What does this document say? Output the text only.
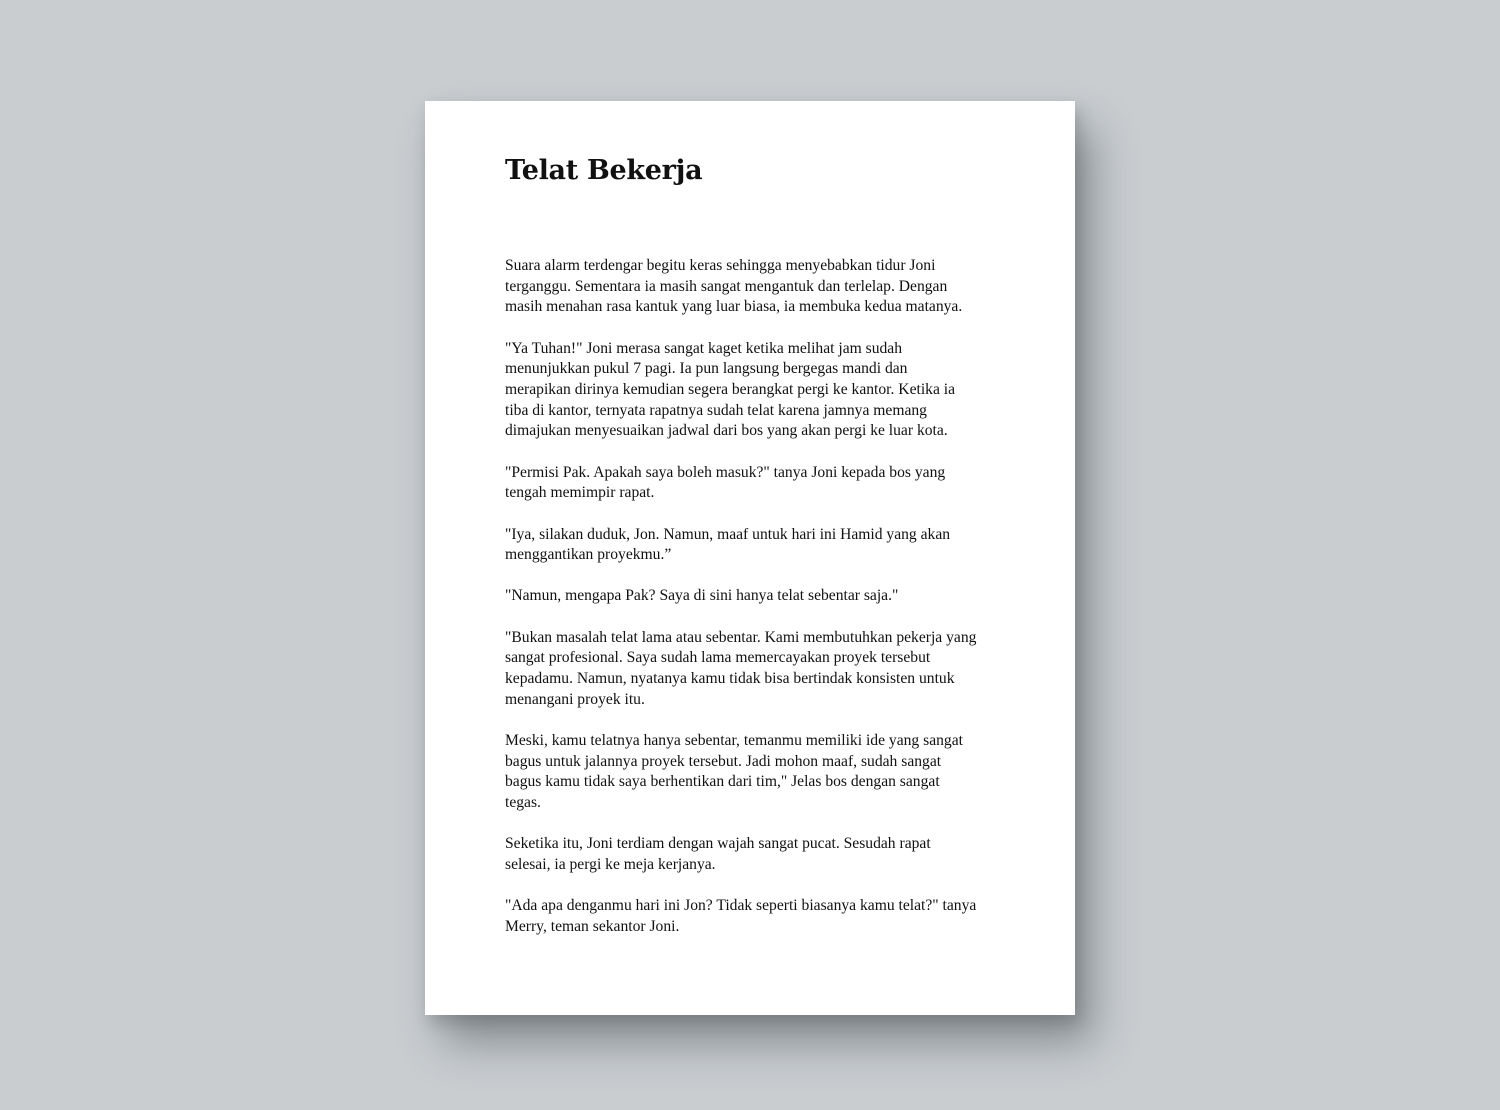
Telat Bekerja

Suara alarm terdengar begitu keras sehingga menyebabkan tidur Joni
terganggu. Sementara ia masih sangat mengantuk dan terlelap. Dengan
masih menahan rasa kantuk yang luar biasa, ia membuka kedua matanya.

"Ya Tuhan!" Joni merasa sangat kaget ketika melihat jam sudah
menunjukkan pukul 7 pagi. Ia pun langsung bergegas mandi dan
merapikan dirinya kemudian segera berangkat pergi ke kantor. Ketika ia
tiba di kantor, ternyata rapatnya sudah telat karena jamnya memang
dimajukan menyesuaikan jadwal dari bos yang akan pergi ke luar kota.

"Permisi Pak. Apakah saya boleh masuk?" tanya Joni kepada bos yang
tengah memimpir rapat.

"Iya, silakan duduk, Jon. Namun, maaf untuk hari ini Hamid yang akan
menggantikan proyekmu.”

"Namun, mengapa Pak? Saya di sini hanya telat sebentar saja."

"Bukan masalah telat lama atau sebentar. Kami membutuhkan pekerja yang
sangat profesional. Saya sudah lama memercayakan proyek tersebut
kepadamu. Namun, nyatanya kamu tidak bisa bertindak konsisten untuk
menangani proyek itu.

Meski, kamu telatnya hanya sebentar, temanmu memiliki ide yang sangat
bagus untuk jalannya proyek tersebut. Jadi mohon maaf, sudah sangat
bagus kamu tidak saya berhentikan dari tim," Jelas bos dengan sangat
tegas.

Seketika itu, Joni terdiam dengan wajah sangat pucat. Sesudah rapat
selesai, ia pergi ke meja kerjanya.

"Ada apa denganmu hari ini Jon? Tidak seperti biasanya kamu telat?" tanya
Merry, teman sekantor Joni.
